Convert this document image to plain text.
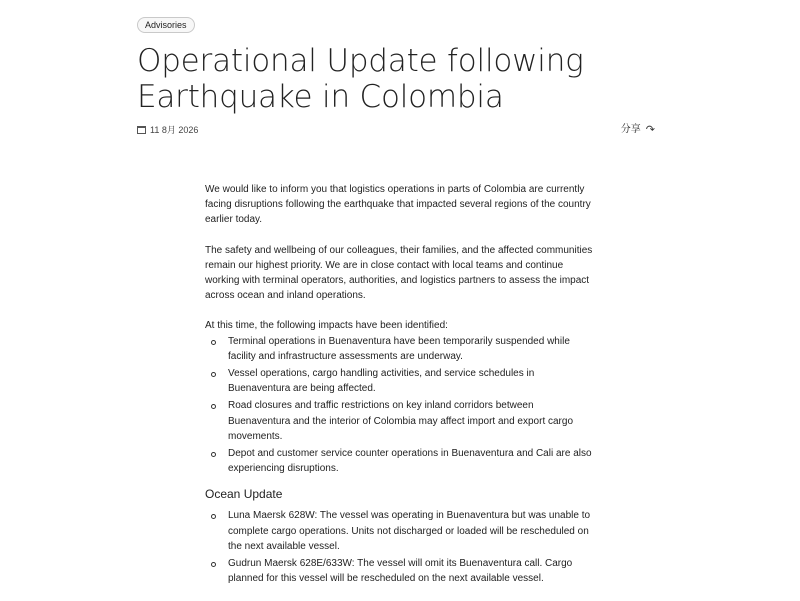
Advisories
Operational Update following Earthquake in Colombia
11 8月 2026	分享 ↷

We would like to inform you that logistics operations in parts of Colombia are currently facing disruptions following the earthquake that impacted several regions of the country earlier today.

The safety and wellbeing of our colleagues, their families, and the affected communities remain our highest priority. We are in close contact with local teams and continue working with terminal operators, authorities, and logistics partners to assess the impact across ocean and inland operations.

At this time, the following impacts have been identified:

Terminal operations in Buenaventura have been temporarily suspended while facility and infrastructure assessments are underway.
Vessel operations, cargo handling activities, and service schedules in Buenaventura are being affected.
Road closures and traffic restrictions on key inland corridors between Buenaventura and the interior of Colombia may affect import and export cargo movements.
Depot and customer service counter operations in Buenaventura and Cali are also experiencing disruptions.
Ocean Update
Luna Maersk 628W: The vessel was operating in Buenaventura but was unable to complete cargo operations. Units not discharged or loaded will be rescheduled on the next available vessel.
Gudrun Maersk 628E/633W: The vessel will omit its Buenaventura call. Cargo planned for this vessel will be rescheduled on the next available vessel.
